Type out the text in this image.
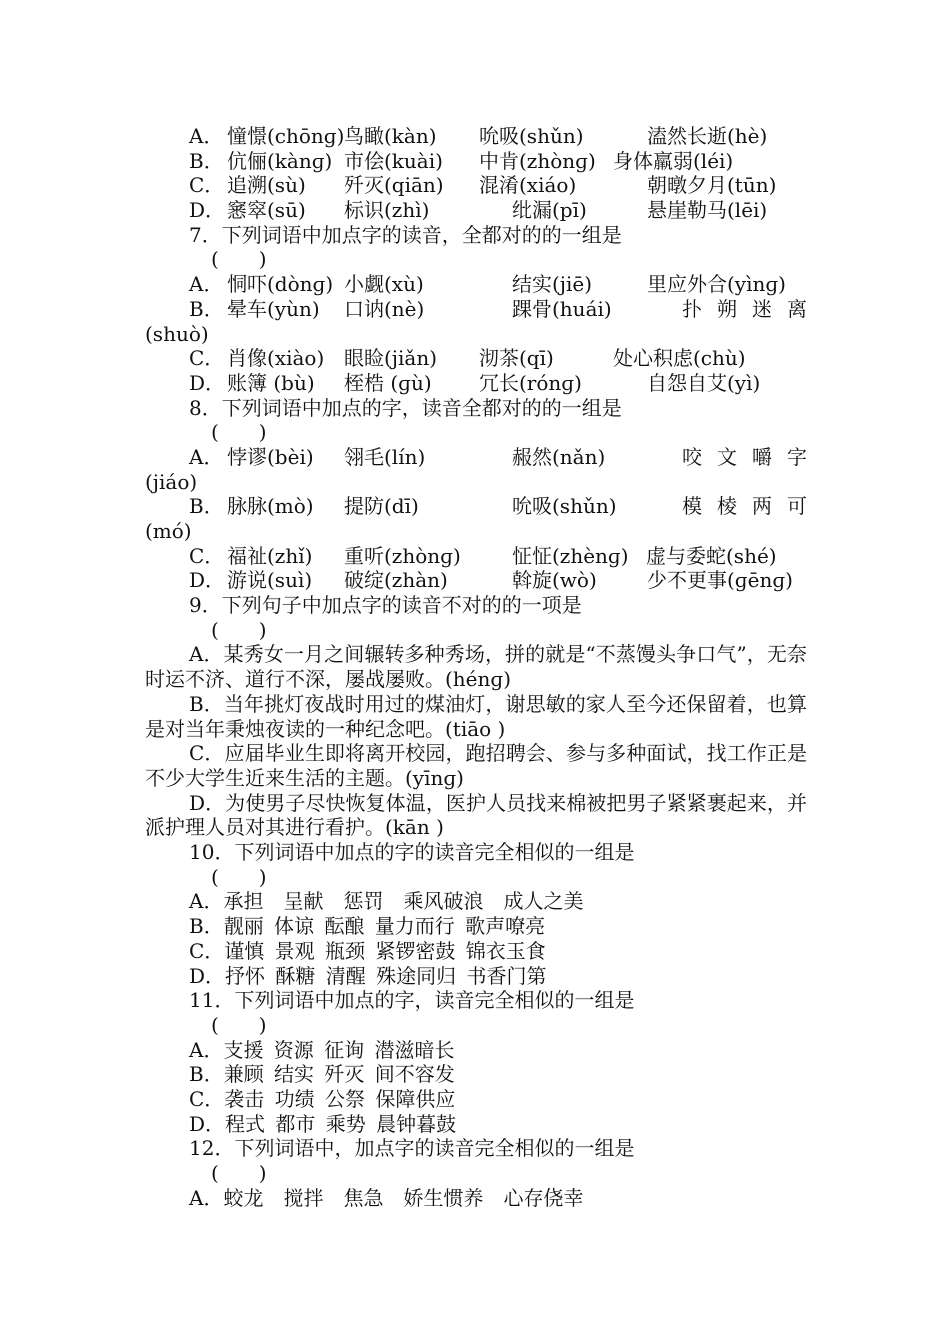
A． 憧憬(chōnɡ) 鸟瞰(kàn)	吮吸(shǔn)	溘然长逝(hè)
B． 伉俪(kànɡ) 市侩(kuài)	中肯(zhònɡ) 身体羸弱(léi)
C． 追溯(sù)	歼灭(qiān)	混淆(xiáo)	朝暾夕月(tūn)
D． 窸窣(sū)	标识(zhì)	纰漏(pī)	悬崖勒马(lēi)
7．下列词语中加点字的读音，全都对的的一组是
(　　)
A． 恫吓(dònɡ) 小觑(xù)	结实(jiē)	里应外合(yìnɡ)
B． 晕车(yùn)	口讷(nè)	踝骨(huái)	扑 朔 迷 离
(shuò)
C． 肖像(xiào) 眼睑(jiǎn)	沏茶(qī)	处心积虑(chù)
D． 账簿 (bù)	桎梏 (ɡù)	冗长(rónɡ)	自怨自艾(yì)
8．下列词语中加点的字，读音全都对的的一组是
(　　)
A． 悖谬(bèi)	翎毛(lín)	赧然(nǎn)	咬 文 嚼 字
(jiáo)
B． 脉脉(mò)	提防(dī)	吮吸(shǔn)	模 棱 两 可
(mó)
C． 福祉(zhǐ)	重听(zhònɡ)	怔怔(zhènɡ) 虚与委蛇(shé)
D． 游说(suì)	破绽(zhàn)	斡旋(wò)	少不更事(ɡēnɡ)
9．下列句子中加点字的读音不对的的一项是
(　　)
A．某秀女一月之间辗转多种秀场，拼的就是“不蒸馒头争口气”，无奈时运不济、道行不深，屡战屡败。(hénɡ)
B．当年挑灯夜战时用过的煤油灯，谢思敏的家人至今还保留着，也算是对当年秉烛夜读的一种纪念吧。(tiāo )
C．应届毕业生即将离开校园，跑招聘会、参与多种面试，找工作正是不少大学生近来生活的主题。(yīnɡ)
D．为使男子尽快恢复体温，医护人员找来棉被把男子紧紧裹起来，并派护理人员对其进行看护。(kān )
10．下列词语中加点的字的读音完全相似的一组是
(　　)
A．承担　呈献　惩罚　乘风破浪　成人之美
B．靓丽 体谅 酝酿 量力而行 歌声嘹亮
C．谨慎 景观 瓶颈 紧锣密鼓 锦衣玉食
D．抒怀 酥糖 清醒 殊途同归 书香门第
11．下列词语中加点的字，读音完全相似的一组是
(　　)
A．支援 资源 征询 潜滋暗长
B．兼顾 结实 歼灭 间不容发
C．袭击 功绩 公祭 保障供应
D．程式 都市 乘势 晨钟暮鼓
12．下列词语中，加点字的读音完全相似的一组是
(　　)
A．蛟龙　搅拌　焦急　娇生惯养　心存侥幸
